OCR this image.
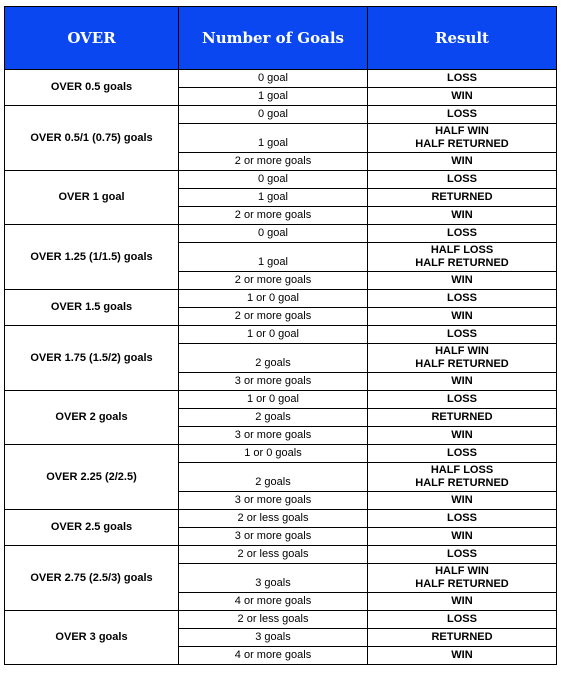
OVER	Number of Goals	Result
OVER 0.5 goals	0 goal	LOSS

	1 goal	WIN

OVER 0.5/1 (0.75) goals	0 goal	LOSS

	1 goal	HALF WIN
HALF RETURNED

	2 or more goals	WIN

OVER 1 goal	0 goal	LOSS

	1 goal	RETURNED

	2 or more goals	WIN

OVER 1.25 (1/1.5) goals	0 goal	LOSS

	1 goal	HALF LOSS
HALF RETURNED

	2 or more goals	WIN

OVER 1.5 goals	1 or 0 goal	LOSS

	2 or more goals	WIN

OVER 1.75 (1.5/2) goals	1 or 0 goal	LOSS

	2 goals	HALF WIN
HALF RETURNED

	3 or more goals	WIN

OVER 2 goals	1 or 0 goal	LOSS

	2 goals	RETURNED

	3 or more goals	WIN

OVER 2.25 (2/2.5)	1 or 0 goals	LOSS

	2 goals	HALF LOSS
HALF RETURNED

	3 or more goals	WIN

OVER 2.5 goals	2 or less goals	LOSS

	3 or more goals	WIN

OVER 2.75 (2.5/3) goals	2 or less goals	LOSS

	3 goals	HALF WIN
HALF RETURNED

	4 or more goals	WIN

OVER 3 goals	2 or less goals	LOSS

	3 goals	RETURNED

	4 or more goals	WIN
